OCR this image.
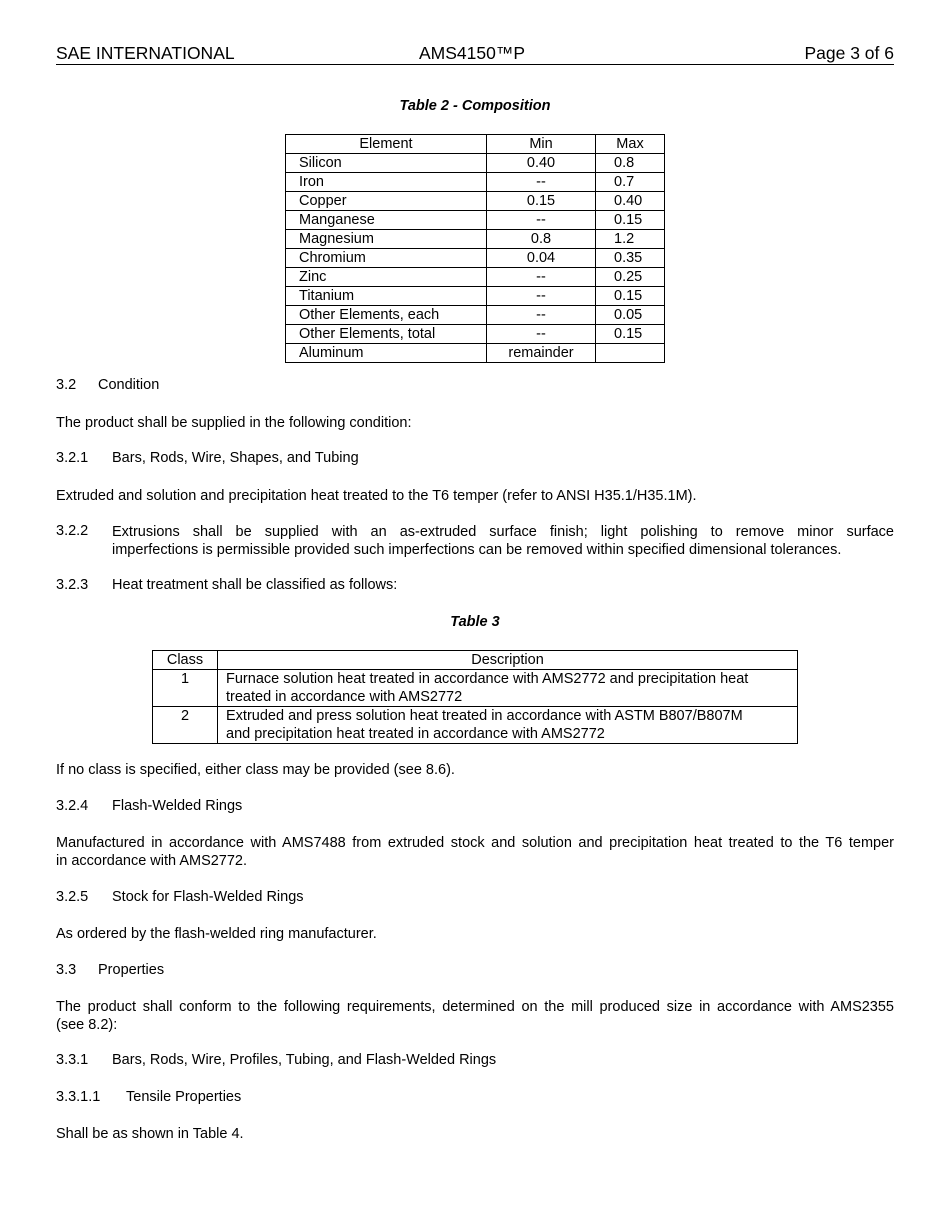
SAE INTERNATIONAL	AMS4150™P	Page 3 of 6
Table 2 - Composition
Element	Min	Max
Silicon	0.40	0.8
Iron	--	0.7
Copper	0.15	0.40
Manganese	--	0.15
Magnesium	0.8	1.2
Chromium	0.04	0.35
Zinc	--	0.25
Titanium	--	0.15
Other Elements, each	--	0.05
Other Elements, total	--	0.15
Aluminum	remainder	
3.2 Condition
The product shall be supplied in the following condition:
3.2.1 Bars, Rods, Wire, Shapes, and Tubing
Extruded and solution and precipitation heat treated to the T6 temper (refer to ANSI H35.1/H35.1M).
3.2.2 Extrusions shall be supplied with an as-extruded surface finish; light polishing to remove minor surface
imperfections is permissible provided such imperfections can be removed within specified dimensional tolerances.
3.2.3 Heat treatment shall be classified as follows:
Table 3
Class	Description
1	Furnace solution heat treated in accordance with AMS2772 and precipitation heat
treated in accordance with AMS2772

2	Extruded and press solution heat treated in accordance with ASTM B807/B807M
and precipitation heat treated in accordance with AMS2772
If no class is specified, either class may be provided (see 8.6).
3.2.4 Flash-Welded Rings
Manufactured in accordance with AMS7488 from extruded stock and solution and precipitation heat treated to the T6 temper
in accordance with AMS2772.
3.2.5 Stock for Flash-Welded Rings
As ordered by the flash-welded ring manufacturer.
3.3 Properties
The product shall conform to the following requirements, determined on the mill produced size in accordance with AMS2355
(see 8.2):
3.3.1 Bars, Rods, Wire, Profiles, Tubing, and Flash-Welded Rings
3.3.1.1 Tensile Properties
Shall be as shown in Table 4.
